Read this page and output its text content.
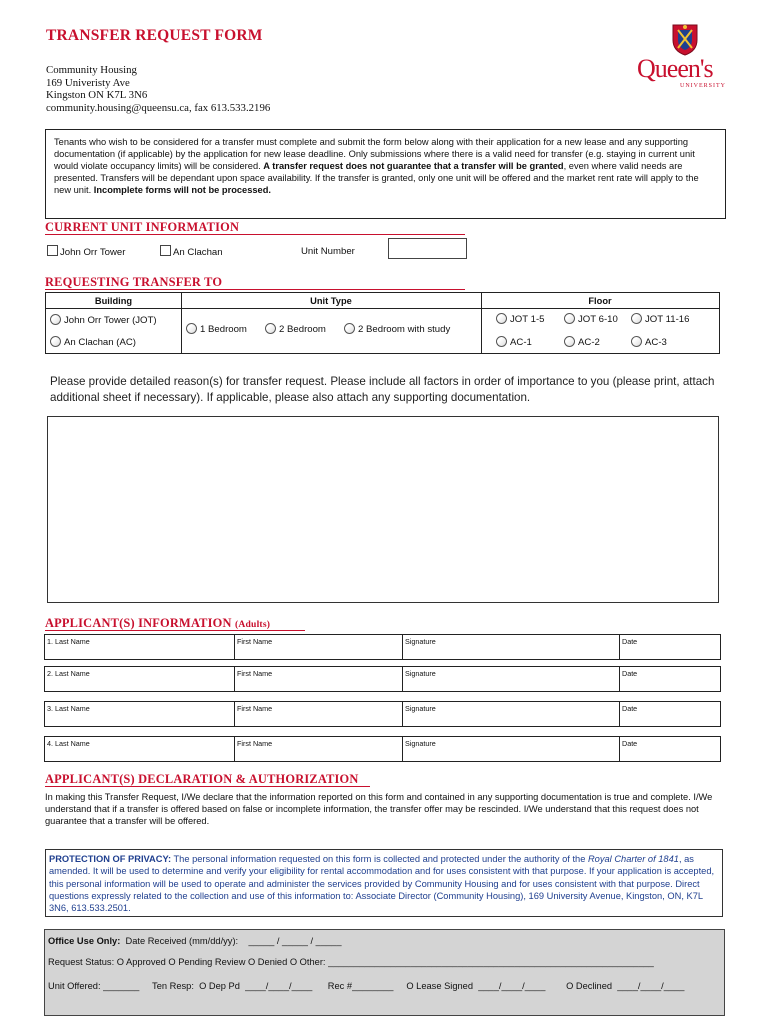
TRANSFER REQUEST FORM
Community Housing
169 Univeristy Ave
Kingston ON K7L 3N6
community.housing@queensu.ca, fax 613.533.2196
Queen's
UNIVERSITY
Tenants who wish to be considered for a transfer must complete and submit the form below along with their application for a new lease and any supporting documentation (if applicable) by the application for new lease deadline. Only submissions where there is a valid need for transfer (e.g. staying in current unit would violate occupancy limits) will be considered. A transfer request does not guarantee that a transfer will be granted, even where valid needs are presented. Transfers will be dependant upon space availability. If the transfer is granted, only one unit will be offered and the market rent rate will apply to the new unit. Incomplete forms will not be processed.
CURRENT UNIT INFORMATION
John Orr Tower	An Clachan	Unit Number
REQUESTING TRANSFER TO
Building	Unit Type	Floor
John Orr Tower (JOT)
An Clachan (AC)
1 Bedroom	2 Bedroom	2 Bedroom with study
JOT 1-5	JOT 6-10	JOT 11-16
AC-1	AC-2	AC-3
Please provide detailed reason(s) for transfer request. Please include all factors in order of importance to you (please print, attach additional sheet if necessary). If applicable, please also attach any supporting documentation.
APPLICANT(S) INFORMATION (Adults)
1. Last Name	First Name	Signature	Date
2. Last Name	First Name	Signature	Date
3. Last Name	First Name	Signature	Date
4. Last Name	First Name	Signature	Date
APPLICANT(S) DECLARATION & AUTHORIZATION
In making this Transfer Request, I/We declare that the information reported on this form and contained in any supporting documentation is true and complete. I/We understand that if a transfer is offered based on false or incomplete information, the transfer offer may be rescinded. I/We understand that this request does not guarantee that a transfer will be offered.
PROTECTION OF PRIVACY: The personal information requested on this form is collected and protected under the authority of the Royal Charter of 1841, as amended. It will be used to determine and verify your eligibility for rental accommodation and for uses consistent with that purpose. If your application is accepted, this personal information will be used to operate and administer the services provided by Community Housing and for uses consistent with that purpose. Direct questions expressly related to the collection and use of this information to: Associate Director (Community Housing), 169 University Avenue, Kingston, ON, K7L 3N6, 613.533.2501.
Office Use Only:  Date Received (mm/dd/yy):    _____ / _____ / _____
Request Status: O Approved O Pending Review O Denied O Other: _______________________________________________________________
Unit Offered: _______     Ten Resp:  O Dep Pd  ____/____/____      Rec #________     O Lease Signed  ____/____/____        O Declined  ____/____/____
